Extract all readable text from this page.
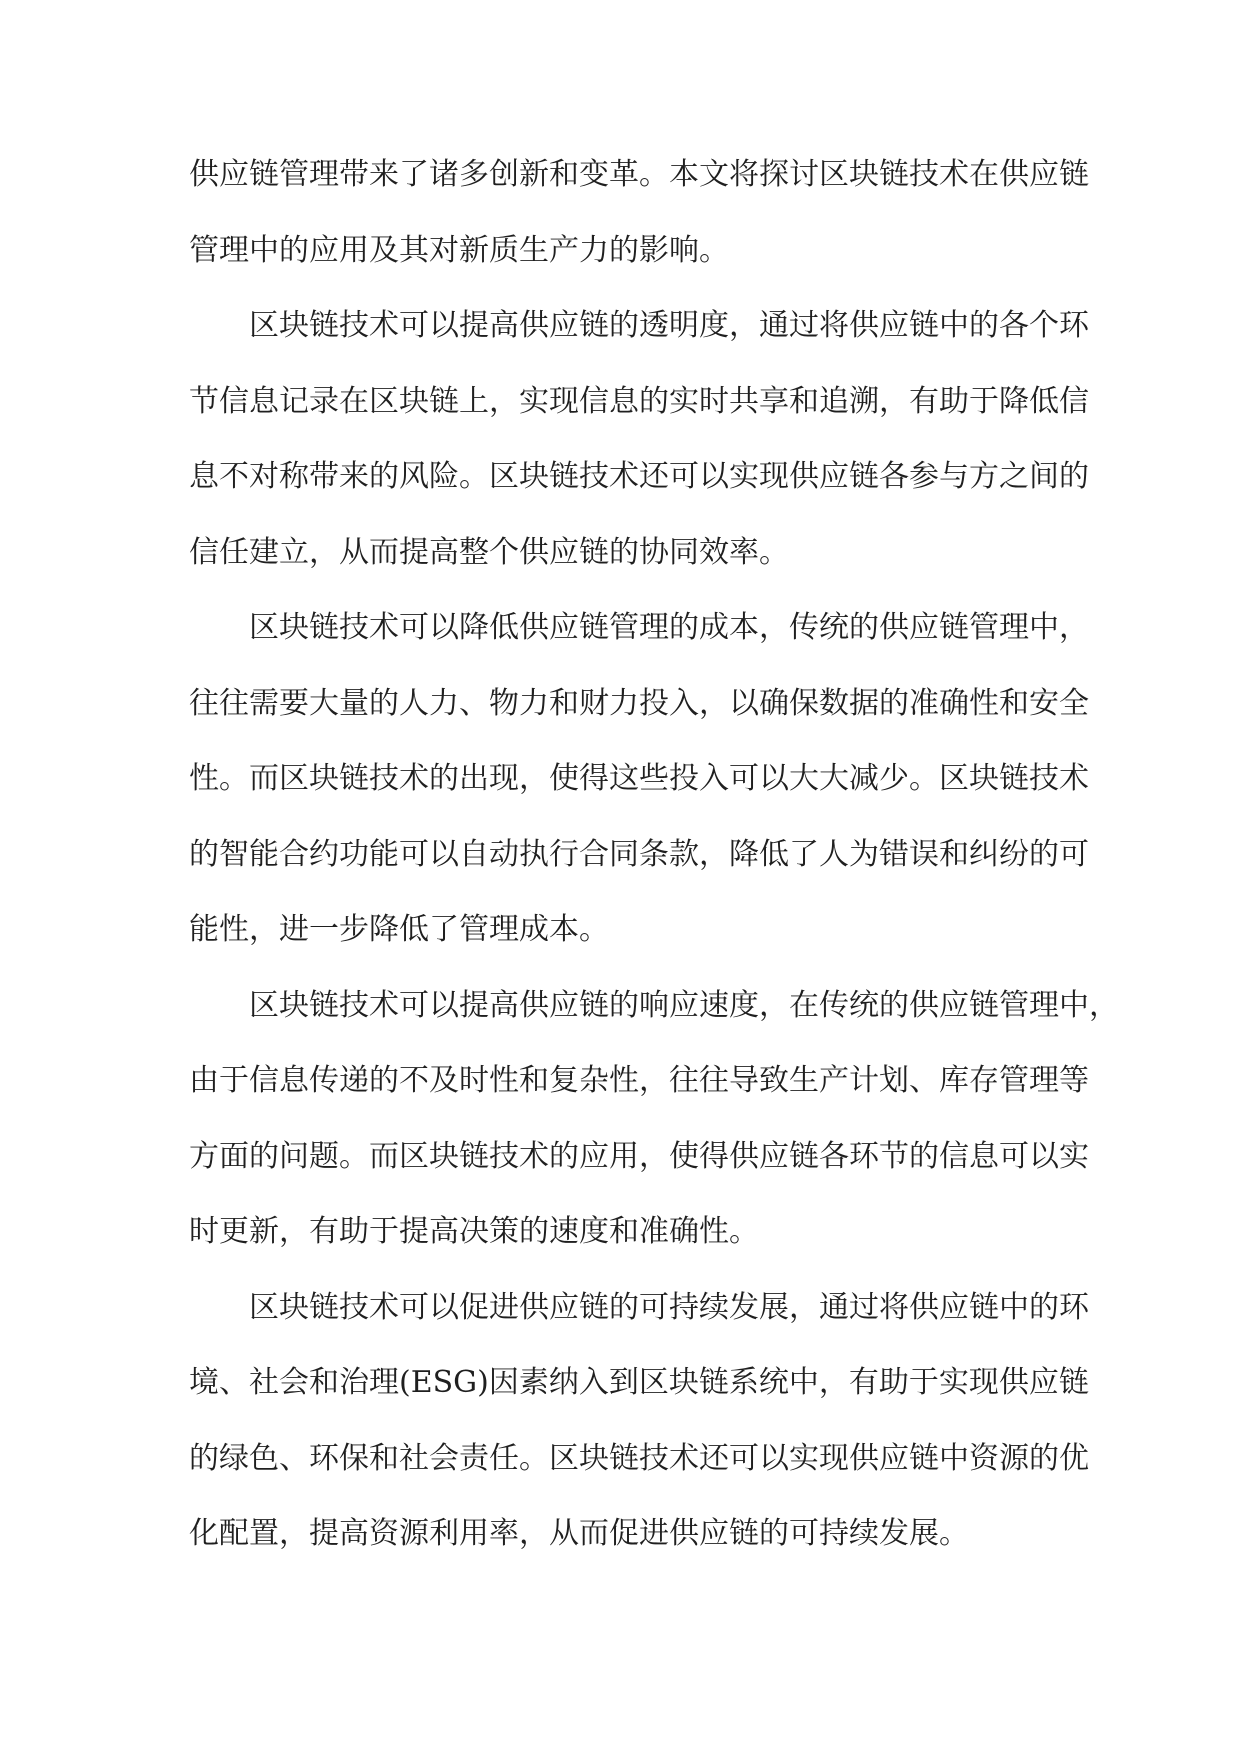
供应链管理带来了诸多创新和变革。本文将探讨区块链技术在供应链
管理中的应用及其对新质生产力的影响。
区块链技术可以提高供应链的透明度，通过将供应链中的各个环
节信息记录在区块链上，实现信息的实时共享和追溯，有助于降低信
息不对称带来的风险。区块链技术还可以实现供应链各参与方之间的
信任建立，从而提高整个供应链的协同效率。
区块链技术可以降低供应链管理的成本，传统的供应链管理中，
往往需要大量的人力、物力和财力投入，以确保数据的准确性和安全
性。而区块链技术的出现，使得这些投入可以大大减少。区块链技术
的智能合约功能可以自动执行合同条款，降低了人为错误和纠纷的可
能性，进一步降低了管理成本。
区块链技术可以提高供应链的响应速度，在传统的供应链管理中，
由于信息传递的不及时性和复杂性，往往导致生产计划、库存管理等
方面的问题。而区块链技术的应用，使得供应链各环节的信息可以实
时更新，有助于提高决策的速度和准确性。
区块链技术可以促进供应链的可持续发展，通过将供应链中的环
境、社会和治理(ESG)因素纳入到区块链系统中，有助于实现供应链
的绿色、环保和社会责任。区块链技术还可以实现供应链中资源的优
化配置，提高资源利用率，从而促进供应链的可持续发展。
